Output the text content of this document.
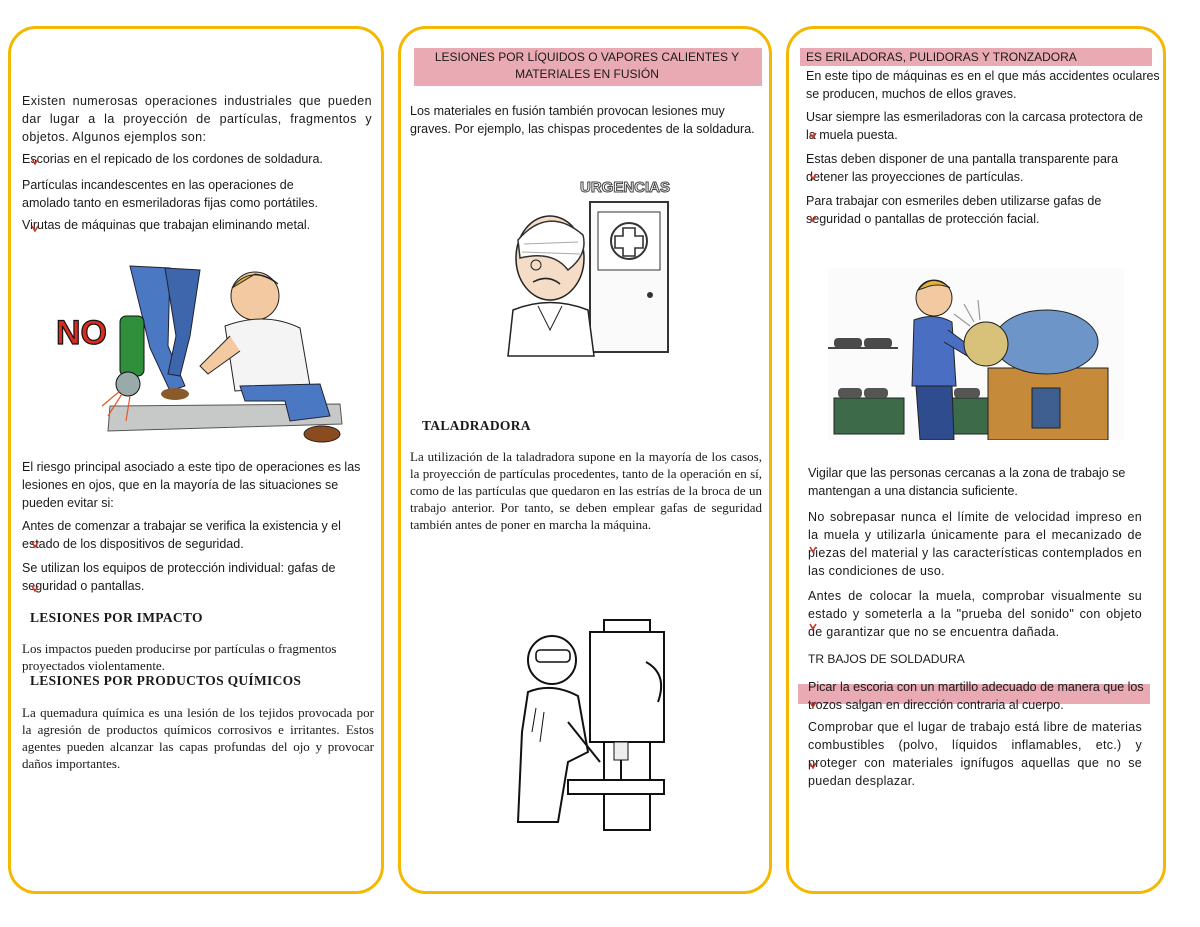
Existen numerosas operaciones industriales que pueden dar lugar a la proyección de partículas, fragmentos y objetos. Algunos ejemplos son:

Escorias en el repicado de los cordones de soldadura.

Partículas incandescentes en las operaciones de amolado tanto en esmeriladoras fijas como portátiles.

Virutas de máquinas que trabajan eliminando metal.

NO

El riesgo principal asociado a este tipo de operaciones es las lesiones en ojos, que en la mayoría de las situaciones se pueden evitar si:

Antes de comenzar a trabajar se verifica la existencia y el estado de los dispositivos de seguridad.

Se utilizan los equipos de protección individual: gafas de seguridad o pantallas.

LESIONES POR IMPACTO

Los impactos pueden producirse por partículas o fragmentos proyectados violentamente.

LESIONES POR PRODUCTOS QUÍMICOS

La quemadura química es una lesión de los tejidos provocada por la agresión de productos químicos corrosivos e irritantes. Estos agentes pueden alcanzar las capas profundas del ojo y provocar daños importantes.

LESIONES POR LÍQUIDOS O VAPORES CALIENTES Y MATERIALES EN FUSIÓN

Los materiales en fusión también provocan lesiones muy graves. Por ejemplo, las chispas procedentes de la soldadura.

URGENCIAS
TALADRADORA

La utilización de la taladradora supone en la mayoría de los casos, la proyección de partículas procedentes, tanto de la operación en sí, como de las partículas que quedaron en las estrías de la broca de un trabajo anterior. Por tanto, se deben emplear gafas de seguridad también antes de poner en marcha la máquina.

ES ERILADORAS, PULIDORAS Y TRONZADORA

En este tipo de máquinas es en el que más accidentes oculares se producen, muchos de ellos graves.

Usar siempre las esmeriladoras con la carcasa protectora de la muela puesta.

Estas deben disponer de una pantalla transparente para detener las proyecciones de partículas.

Para trabajar con esmeriles deben utilizarse gafas de seguridad o pantallas de protección facial.

Vigilar que las personas cercanas a la zona de trabajo se mantengan a una distancia suficiente.

No sobrepasar nunca el límite de velocidad impreso en la muela y utilizarla únicamente para el mecanizado de piezas del material y las características contemplados en las condiciones de uso.

Antes de colocar la muela, comprobar visualmente su estado y someterla a la "prueba del sonido" con objeto de garantizar que no se encuentra dañada.

TR BAJOS DE SOLDADURA

Picar la escoria con un martillo adecuado de manera que los trozos salgan en dirección contraria al cuerpo.

Comprobar que el lugar de trabajo está libre de materias combustibles (polvo, líquidos inflamables, etc.) y proteger con materiales ignífugos aquellas que no se puedan desplazar.
